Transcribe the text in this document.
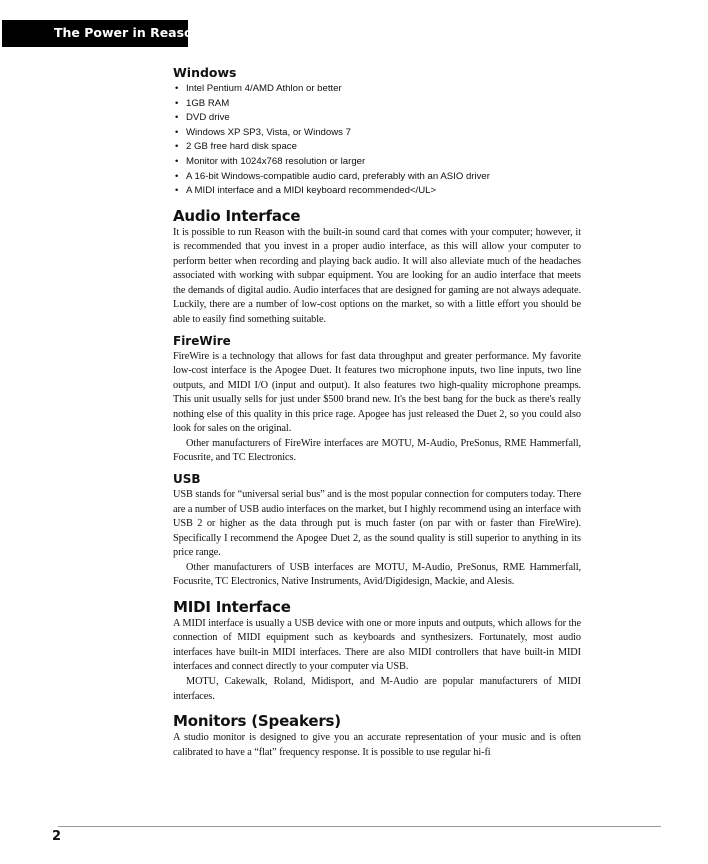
The Power in Reason
Windows
• Intel Pentium 4/AMD Athlon or better
• 1GB RAM
• DVD drive
• Windows XP SP3, Vista, or Windows 7
• 2 GB free hard disk space
• Monitor with 1024x768 resolution or larger
• A 16-bit Windows-compatible audio card, preferably with an ASIO driver
• A MIDI interface and a MIDI keyboard recommended</UL>
Audio Interface

It is possible to run Reason with the built-in sound card that comes with your computer; however, it is recommended that you invest in a proper audio interface, as this will allow your computer to perform better when recording and playing back audio. It will also alleviate much of the headaches associated with working with subpar equipment. You are looking for an audio interface that meets the demands of digital audio. Audio interfaces that are designed for gaming are not always adequate. Luckily, there are a number of low-cost options on the market, so with a little effort you should be able to easily find something suitable.

FireWire

FireWire is a technology that allows for fast data throughput and greater performance. My favorite low-cost interface is the Apogee Duet. It features two microphone inputs, two line inputs, two line outputs, and MIDI I/O (input and output). It also features two high-quality microphone preamps. This unit usually sells for just under $500 brand new. It's the best bang for the buck as there's really nothing else of this quality in this price rage. Apogee has just released the Duet 2, so you could also look for sales on the original.

Other manufacturers of FireWire interfaces are MOTU, M-Audio, PreSonus, RME Hammerfall, Focusrite, and TC Electronics.

USB

USB stands for “universal serial bus” and is the most popular connection for computers today. There are a number of USB audio interfaces on the market, but I highly recommend using an interface with USB 2 or higher as the data through put is much faster (on par with or faster than FireWire). Specifically I recommend the Apogee Duet 2, as the sound quality is still superior to anything in its price range.

Other manufacturers of USB interfaces are MOTU, M-Audio, PreSonus, RME Hammerfall, Focusrite, TC Electronics, Native Instruments, Avid/Digidesign, Mackie, and Alesis.

MIDI Interface

A MIDI interface is usually a USB device with one or more inputs and outputs, which allows for the connection of MIDI equipment such as keyboards and synthesizers. Fortunately, most audio interfaces have built-in MIDI interfaces. There are also MIDI controllers that have built-in MIDI interfaces and connect directly to your computer via USB.

MOTU, Cakewalk, Roland, Midisport, and M-Audio are popular manufacturers of MIDI interfaces.

Monitors (Speakers)

A studio monitor is designed to give you an accurate representation of your music and is often calibrated to have a “flat” frequency response. It is possible to use regular hi-fi

2
